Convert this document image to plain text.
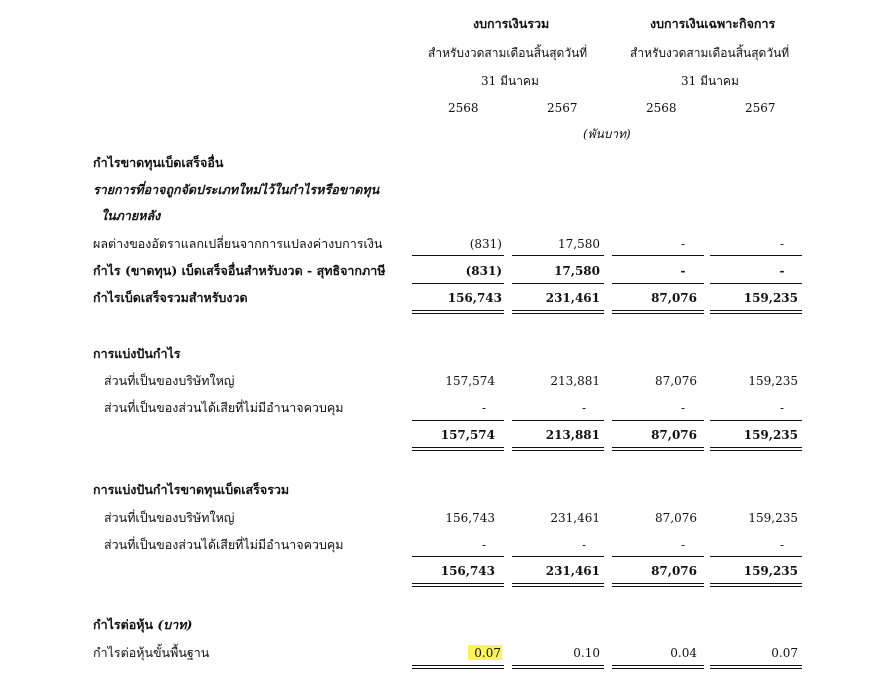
งบการเงินรวม	งบการเงินเฉพาะกิจการ
สำหรับงวดสามเดือนสิ้นสุดวันที่	สำหรับงวดสามเดือนสิ้นสุดวันที่
31 มีนาคม	31 มีนาคม
2568	2567	2568	2567
(พันบาท)
กำไรขาดทุนเบ็ดเสร็จอื่น
รายการที่อาจถูกจัดประเภทใหม่ไว้ในกำไรหรือขาดทุน
ในภายหลัง
ผลต่างของอัตราแลกเปลี่ยนจากการแปลงค่างบการเงิน	(831)	17,580	-	-
กำไร (ขาดทุน) เบ็ดเสร็จอื่นสำหรับงวด - สุทธิจากภาษี	(831)	17,580	-	-
กำไรเบ็ดเสร็จรวมสำหรับงวด	156,743	231,461	87,076	159,235
การแบ่งปันกำไร
ส่วนที่เป็นของบริษัทใหญ่	157,574	213,881	87,076	159,235
ส่วนที่เป็นของส่วนได้เสียที่ไม่มีอำนาจควบคุม	-	-	-	-
157,574	213,881	87,076	159,235
การแบ่งปันกำไรขาดทุนเบ็ดเสร็จรวม
ส่วนที่เป็นของบริษัทใหญ่	156,743	231,461	87,076	159,235
ส่วนที่เป็นของส่วนได้เสียที่ไม่มีอำนาจควบคุม	-	-	-	-
156,743	231,461	87,076	159,235
กำไรต่อหุ้น (บาท)
กำไรต่อหุ้นขั้นพื้นฐาน	0.07	0.10	0.04	0.07
